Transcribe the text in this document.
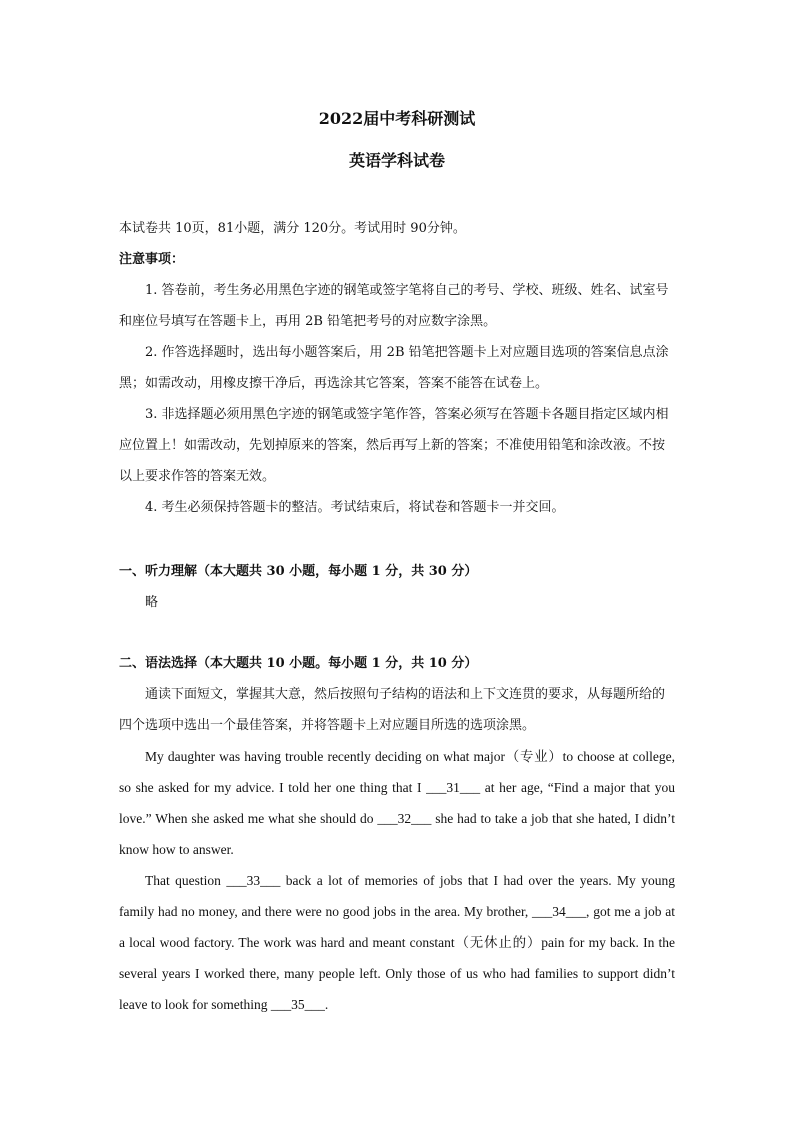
2022届中考科研测试
英语学科试卷

本试卷共 10页，81小题，满分 120分。考试用时 90分钟。

注意事项：

1. 答卷前，考生务必用黑色字迹的钢笔或签字笔将自己的考号、学校、班级、姓名、试室号和座位号填写在答题卡上，再用 2B 铅笔把考号的对应数字涂黑。

2. 作答选择题时，选出每小题答案后，用 2B 铅笔把答题卡上对应题目选项的答案信息点涂黑；如需改动，用橡皮擦干净后，再选涂其它答案，答案不能答在试卷上。

3. 非选择题必须用黑色字迹的钢笔或签字笔作答，答案必须写在答题卡各题目指定区域内相应位置上！如需改动，先划掉原来的答案，然后再写上新的答案；不准使用铅笔和涂改液。不按以上要求作答的答案无效。

4. 考生必须保持答题卡的整洁。考试结束后，将试卷和答题卡一并交回。

一、听力理解（本大题共 30 小题，每小题 1 分，共 30 分）

略

二、语法选择（本大题共 10 小题。每小题 1 分，共 10 分）

通读下面短文，掌握其大意，然后按照句子结构的语法和上下文连贯的要求，从每题所给的四个选项中选出一个最佳答案，并将答题卡上对应题目所选的选项涂黑。

My daughter was having trouble recently deciding on what major（专业）to choose at college, so she asked for my advice. I told her one thing that I ___31___ at her age, “Find a major that you love.” When she asked me what she should do ___32___ she had to take a job that she hated, I didn’t know how to answer.

That question ___33___ back a lot of memories of jobs that I had over the years. My young family had no money, and there were no good jobs in the area. My brother, ___34___, got me a job at a local wood factory. The work was hard and meant constant（无休止的）pain for my back. In the several years I worked there, many people left. Only those of us who had families to support didn’t leave to look for something ___35___.
